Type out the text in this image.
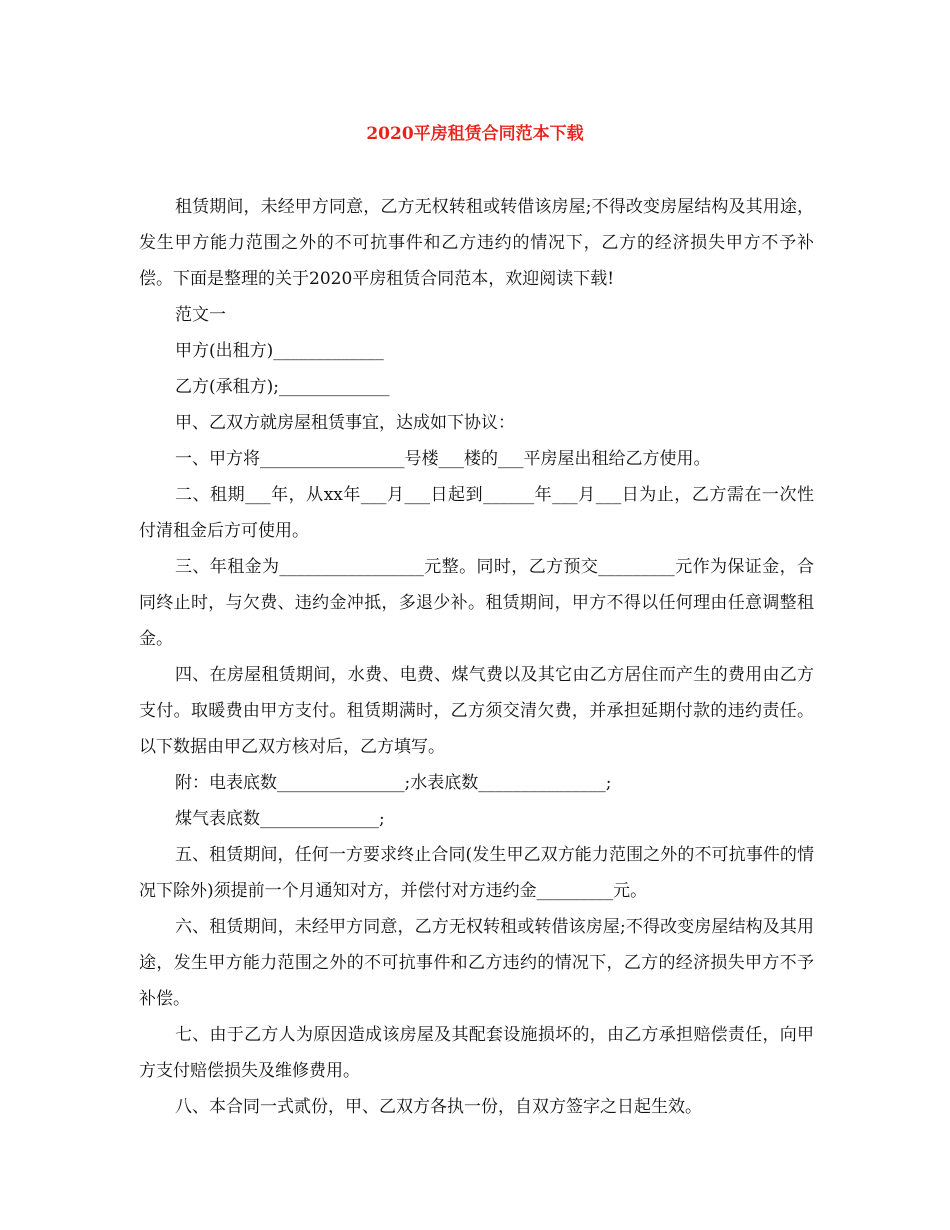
2020平房租赁合同范本下载

租赁期间，未经甲方同意，乙方无权转租或转借该房屋;不得改变房屋结构及其用途，发生甲方能力范围之外的不可抗事件和乙方违约的情况下，乙方的经济损失甲方不予补偿。下面是整理的关于2020平房租赁合同范本，欢迎阅读下载!

范文一

甲方(出租方)_____________

乙方(承租方);_____________

甲、乙双方就房屋租赁事宜，达成如下协议：

一、甲方将_________________号楼___楼的___平房屋出租给乙方使用。

二、租期___年，从xx年___月___日起到______年___月___日为止，乙方需在一次性付清租金后方可使用。

三、年租金为_________________元整。同时，乙方预交_________元作为保证金，合同终止时，与欠费、违约金冲抵，多退少补。租赁期间，甲方不得以任何理由任意调整租金。

四、在房屋租赁期间，水费、电费、煤气费以及其它由乙方居住而产生的费用由乙方支付。取暖费由甲方支付。租赁期满时，乙方须交清欠费，并承担延期付款的违约责任。以下数据由甲乙双方核对后，乙方填写。

附：电表底数_______________;水表底数_______________;

煤气表底数______________;

五、租赁期间，任何一方要求终止合同(发生甲乙双方能力范围之外的不可抗事件的情况下除外)须提前一个月通知对方，并偿付对方违约金_________元。

六、租赁期间，未经甲方同意，乙方无权转租或转借该房屋;不得改变房屋结构及其用途，发生甲方能力范围之外的不可抗事件和乙方违约的情况下，乙方的经济损失甲方不予补偿。

七、由于乙方人为原因造成该房屋及其配套设施损坏的，由乙方承担赔偿责任，向甲方支付赔偿损失及维修费用。

八、本合同一式贰份，甲、乙双方各执一份，自双方签字之日起生效。
